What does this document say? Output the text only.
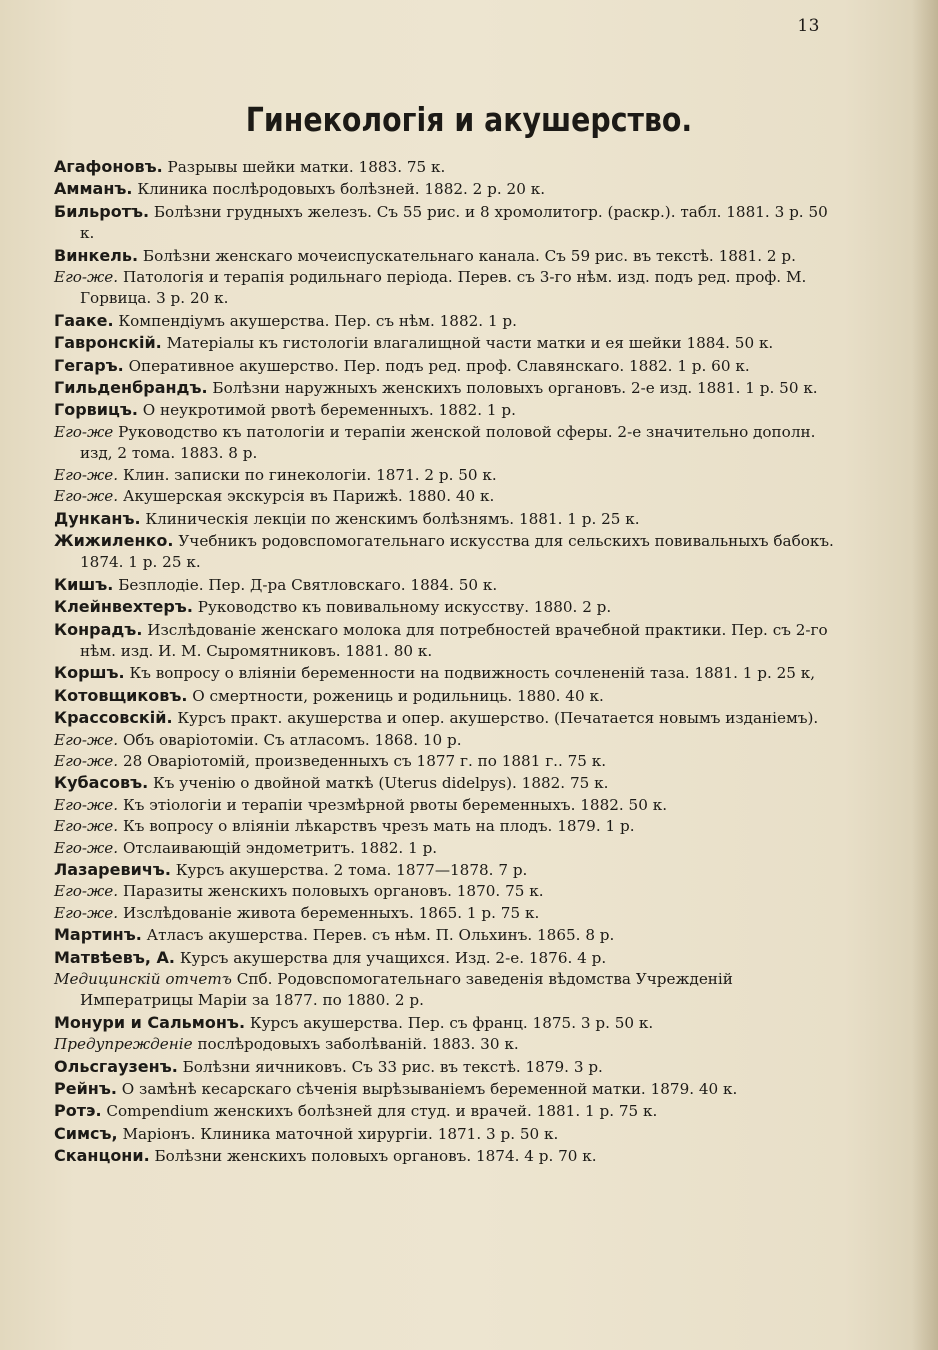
13
Гинекологія и акушерство.
Агафоновъ. Разрывы шейки матки. 1883. 75 к.
Амманъ. Клиника послѣродовыхъ болѣзней. 1882. 2 р. 20 к.
Бильротъ. Болѣзни грудныхъ железъ. Съ 55 рис. и 8 хромолитогр. (раскр.). табл. 1881. 3 р. 50 к.
Винкель. Болѣзни женскаго мочеиспускательнаго канала. Съ 59 рис. въ текстѣ. 1881. 2 р.
Его-же. Патологія и терапія родильнаго періода. Перев. съ 3-го нѣм. изд. подъ ред. проф. М. Горвица. 3 р. 20 к.
Гааке. Компендіумъ акушерства. Пер. съ нѣм. 1882. 1 р.
Гавронскій. Матеріалы къ гистологіи влагалищной части матки и ея шейки 1884. 50 к.
Гегаръ. Оперативное акушерство. Пер. подъ ред. проф. Славянскаго. 1882. 1 р. 60 к.
Гильденбрандъ. Болѣзни наружныхъ женскихъ половыхъ органовъ. 2-е изд. 1881. 1 р. 50 к.
Горвицъ. О неукротимой рвотѣ беременныхъ. 1882. 1 р.
Его-же Руководство къ патологіи и терапіи женской половой сферы. 2-е значительно дополн. изд, 2 тома. 1883. 8 р.
Его-же. Клин. записки по гинекологіи. 1871. 2 р. 50 к.
Его-же. Акушерская экскурсія въ Парижѣ. 1880. 40 к.
Дунканъ. Клиническія лекціи по женскимъ болѣзнямъ. 1881. 1 р. 25 к.
Жижиленко. Учебникъ родовспомогательнаго искусства для сельскихъ повивальныхъ бабокъ. 1874. 1 р. 25 к.
Кишъ. Безплодіе. Пер. Д-ра Святловскаго. 1884. 50 к.
Клейнвехтеръ. Руководство къ повивальному искусству. 1880. 2 р.
Конрадъ. Изслѣдованіе женскаго молока для потребностей врачебной практики. Пер. съ 2-го нѣм. изд. И. М. Сыромятниковъ. 1881. 80 к.
Коршъ. Къ вопросу о вліяніи беременности на подвижность сочлененій таза. 1881. 1 р. 25 к,
Котовщиковъ. О смертности, рожениць и родильниць. 1880. 40 к.
Крассовскій. Курсъ практ. акушерства и опер. акушерство. (Печатается новымъ изданіемъ).
Его-же. Объ оваріотоміи. Съ атласомъ. 1868. 10 р.
Его-же. 28 Оваріотомій, произведенныхъ съ 1877 г. по 1881 г.. 75 к.
Кубасовъ. Къ ученію о двойной маткѣ (Uterus didelpys). 1882. 75 к.
Его-же. Къ этіологіи и терапіи чрезмѣрной рвоты беременныхъ. 1882. 50 к.
Его-же. Къ вопросу о вліяніи лѣкарствъ чрезъ мать на плодъ. 1879. 1 р.
Его-же. Отслаивающій эндометритъ. 1882. 1 р.
Лазаревичъ. Курсъ акушерства. 2 тома. 1877—1878. 7 р.
Его-же. Паразиты женскихъ половыхъ органовъ. 1870. 75 к.
Его-же. Изслѣдованіе живота беременныхъ. 1865. 1 р. 75 к.
Мартинъ. Атласъ акушерства. Перев. съ нѣм. П. Ольхинъ. 1865. 8 р.
Матвѣевъ, А. Курсъ акушерства для учащихся. Изд. 2-е. 1876. 4 р.
Медицинскій отчетъ Спб. Родовспомогательнаго заведенія вѣдомства Учрежденій Императрицы Маріи за 1877. по 1880. 2 р.
Монури и Сальмонъ. Курсъ акушерства. Пер. съ франц. 1875. 3 р. 50 к.
Предупрежденіе послѣродовыхъ заболѣваній. 1883. 30 к.
Ольсгаузенъ. Болѣзни яичниковъ. Съ 33 рис. въ текстѣ. 1879. 3 р.
Рейнъ. О замѣнѣ кесарскаго сѣченія вырѣзываніемъ беременной матки. 1879. 40 к.
Ротэ. Compendium женскихъ болѣзней для студ. и врачей. 1881. 1 р. 75 к.
Симсъ, Маріонъ. Клиника маточной хирургіи. 1871. 3 р. 50 к.
Сканцони. Болѣзни женскихъ половыхъ органовъ. 1874. 4 р. 70 к.
